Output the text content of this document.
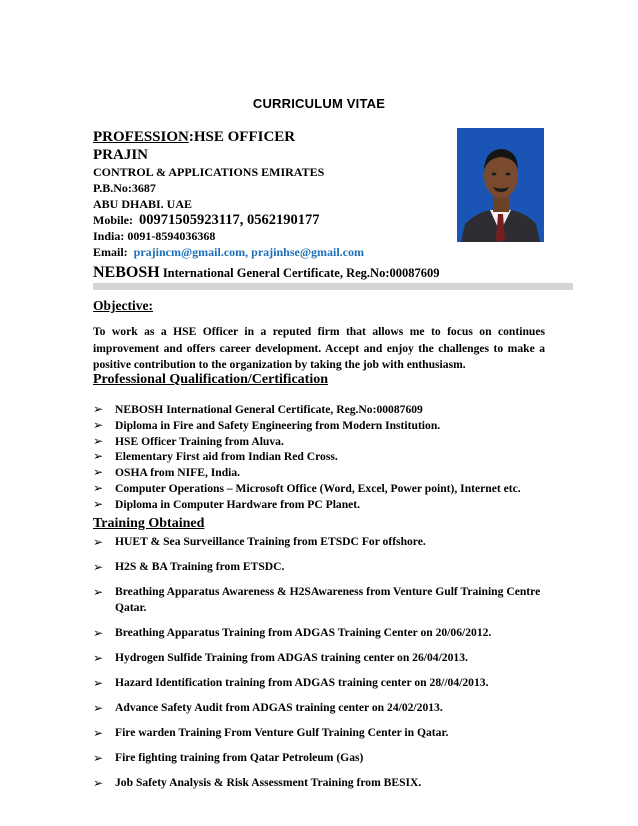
CURRICULUM VITAE
PROFESSION:HSE OFFICER
PRAJIN
CONTROL & APPLICATIONS EMIRATES
P.B.No:3687
ABU DHABI. UAE
Mobile: 00971505923117, 0562190177
India: 0091-8594036368
Email: prajincm@gmail.com, prajinhse@gmail.com
NEBOSH International General Certificate, Reg.No:00087609
Objective:
To work as a HSE Officer in a reputed firm that allows me to focus on continues improvement and offers career development. Accept and enjoy the challenges to make a positive contribution to the organization by taking the job with enthusiasm.
Professional Qualification/Certification
➢ NEBOSH International General Certificate, Reg.No:00087609
➢ Diploma in Fire and Safety Engineering from Modern Institution.
➢ HSE Officer Training from Aluva.
➢ Elementary First aid from Indian Red Cross.
➢ OSHA from NIFE, India.
➢ Computer Operations – Microsoft Office (Word, Excel, Power point), Internet etc.
➢ Diploma in Computer Hardware from PC Planet.
Training Obtained
➢ HUET & Sea Surveillance Training from ETSDC For offshore.
➢ H2S & BA Training from ETSDC.
➢ Breathing Apparatus Awareness & H2SAwareness from Venture Gulf Training Centre Qatar.
➢ Breathing Apparatus Training from ADGAS Training Center on 20/06/2012.
➢ Hydrogen Sulfide Training from ADGAS training center on 26/04/2013.
➢ Hazard Identification training from ADGAS training center on 28//04/2013.
➢ Advance Safety Audit from ADGAS training center on 24/02/2013.
➢ Fire warden Training From Venture Gulf Training Center in Qatar.
➢ Fire fighting training from Qatar Petroleum (Gas)
➢ Job Safety Analysis & Risk Assessment Training from BESIX.
